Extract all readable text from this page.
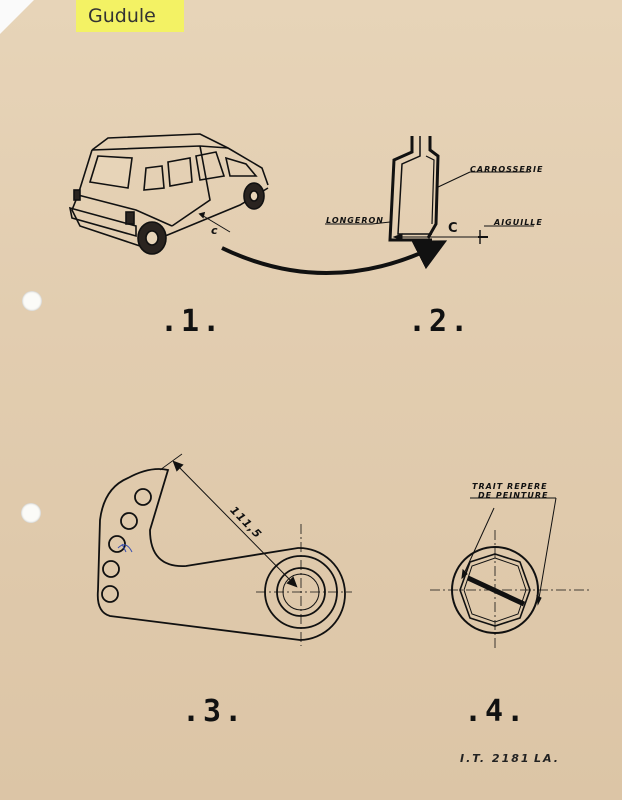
Gudule
c
CARROSSERIE
LONGERON	AIGUILLE
C
111,5
TRAIT REPERE
DE PEINTURE
.1.	.2.
.3.	.4.
I.T. 2181 LA.
